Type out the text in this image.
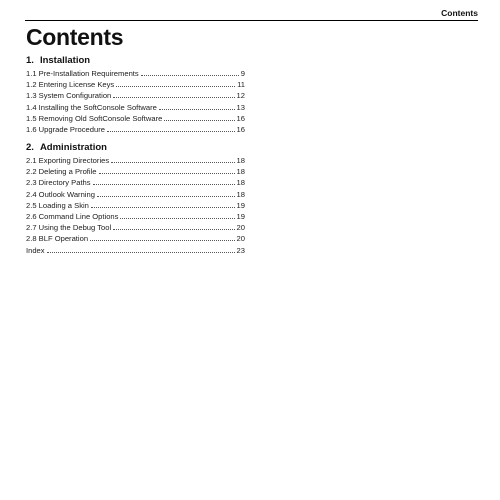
Contents
Contents
1. Installation
1.1 Pre-Installation Requirements	9
1.2 Entering License Keys	11
1.3 System Configuration	12
1.4 Installing the SoftConsole Software	13
1.5 Removing Old SoftConsole Software	16
1.6 Upgrade Procedure	16
2. Administration
2.1 Exporting Directories	18
2.2 Deleting a Profile	18
2.3 Directory Paths	18
2.4 Outlook Warning	18
2.5 Loading a Skin	19
2.6 Command Line Options	19
2.7 Using the Debug Tool	20
2.8 BLF Operation	20
Index	23
